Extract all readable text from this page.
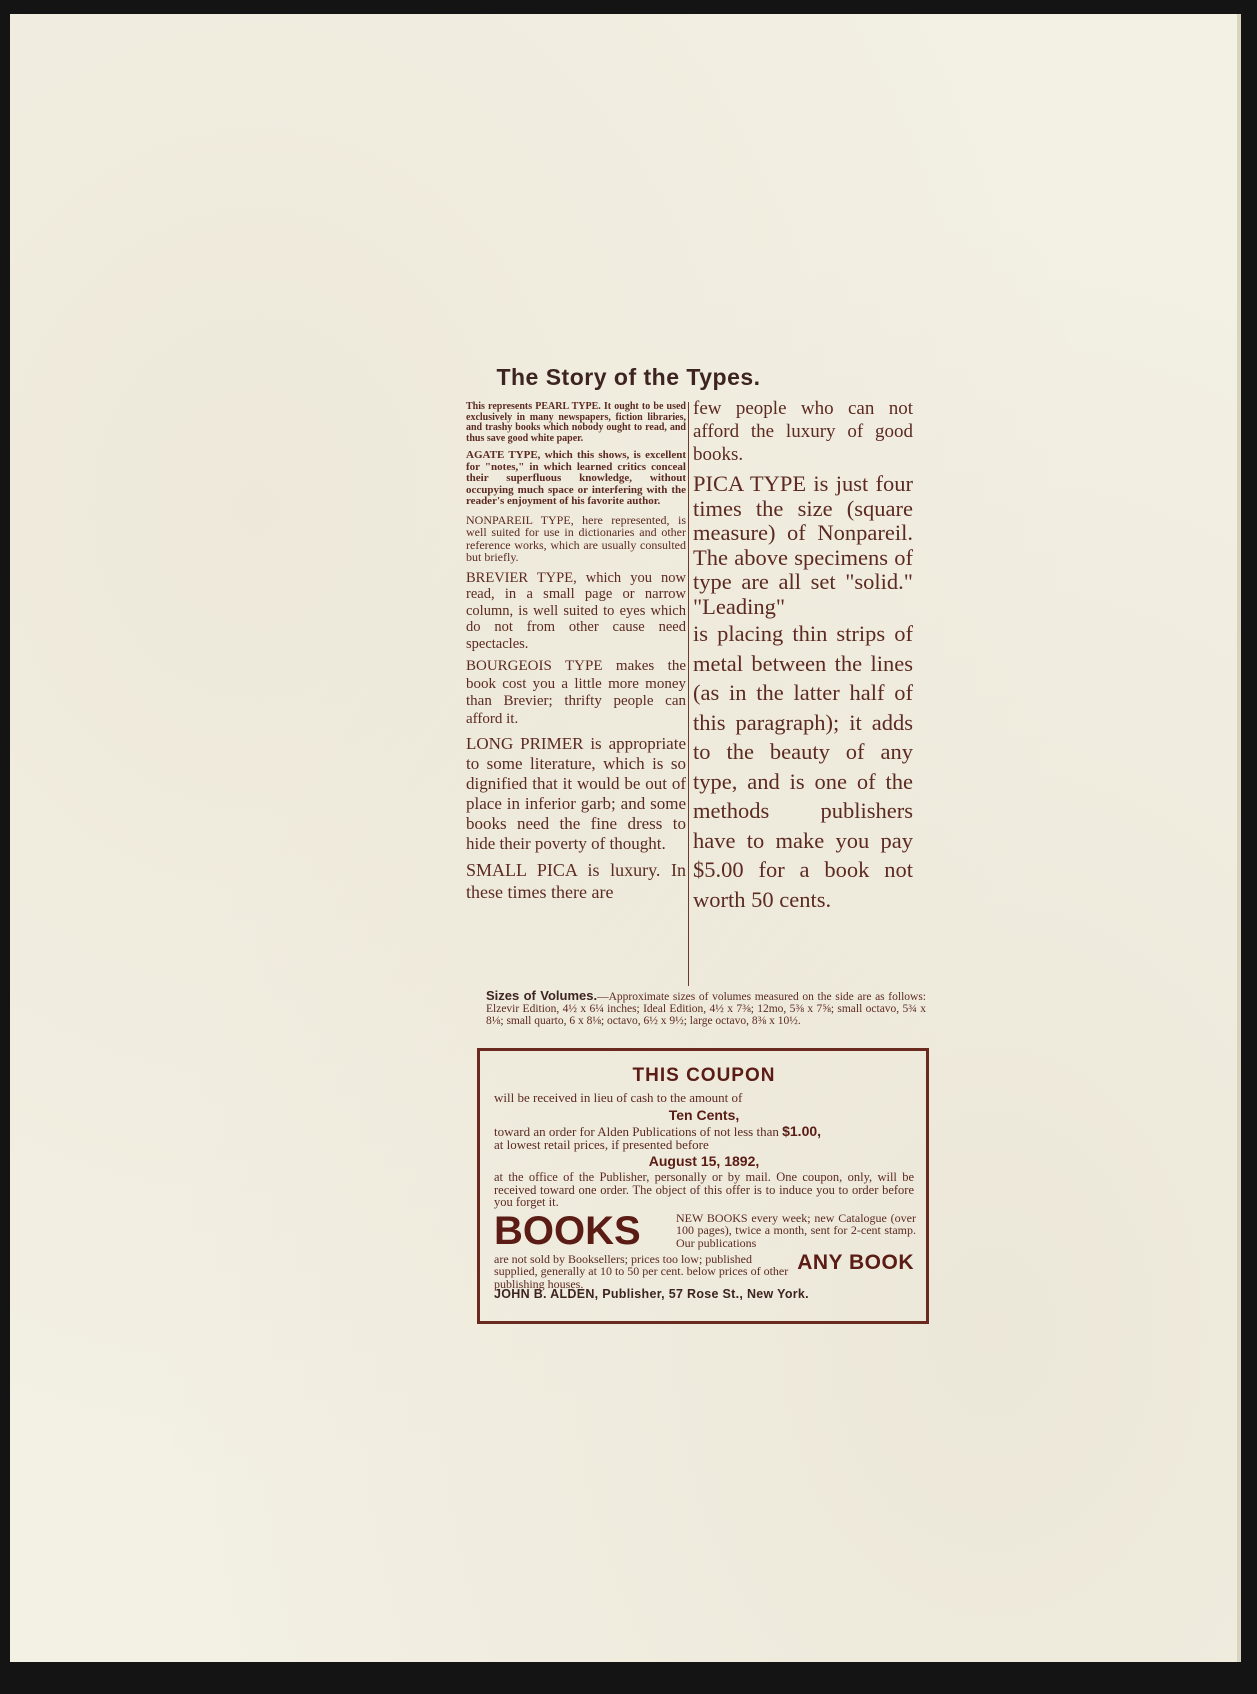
The Story of the Types.

This represents PEARL TYPE. It ought to be used exclusively in many newspapers, fiction libraries, and trashy books which nobody ought to read, and thus save good white paper.

AGATE TYPE, which this shows, is excellent for "notes," in which learned critics conceal their superfluous knowledge, without occupying much space or interfering with the reader's enjoyment of his favorite author.

NONPAREIL TYPE, here represented, is well suited for use in dictionaries and other reference works, which are usually consulted but briefly.

BREVIER TYPE, which you now read, in a small page or narrow column, is well suited to eyes which do not from other cause need spectacles.

BOURGEOIS TYPE makes the book cost you a little more money than Brevier; thrifty people can afford it.

LONG PRIMER is appropriate to some literature, which is so dignified that it would be out of place in inferior garb; and some books need the fine dress to hide their poverty of thought.

SMALL PICA is luxury. In these times there are

few people who can not afford the luxury of good books.

PICA TYPE is just four times the size (square measure) of Nonpareil. The above specimens of type are all set "solid." "Leading"

is placing thin strips of metal between the lines (as in the latter half of this paragraph); it adds to the beauty of any type, and is one of the methods publishers have to make you pay $5.00 for a book not worth 50 cents.

Sizes of Volumes.—Approximate sizes of volumes measured on the side are as follows: Elzevir Edition, 4½ x 6¼ inches; Ideal Edition, 4½ x 7⅜; 12mo, 5⅜ x 7⅝; small octavo, 5¾ x 8⅛; small quarto, 6 x 8⅛; octavo, 6½ x 9½; large octavo, 8⅜ x 10½.
THIS COUPON

will be received in lieu of cash to the amount of

Ten Cents,

toward an order for Alden Publications of not less than $1.00,

at lowest retail prices, if presented before

August 15, 1892,

at the office of the Publisher, personally or by mail. One coupon, only, will be received toward one order. The object of this offer is to induce you to order before you forget it.

BOOKS	NEW BOOKS every week; new Catalogue (over 100 pages), twice a month, sent for 2-cent stamp. Our publications
are not sold by Booksellers; prices too low; published supplied, generally at 10 to 50 per cent. below prices of other publishing houses.
ANY BOOK
JOHN B. ALDEN, Publisher, 57 Rose St., New York.
